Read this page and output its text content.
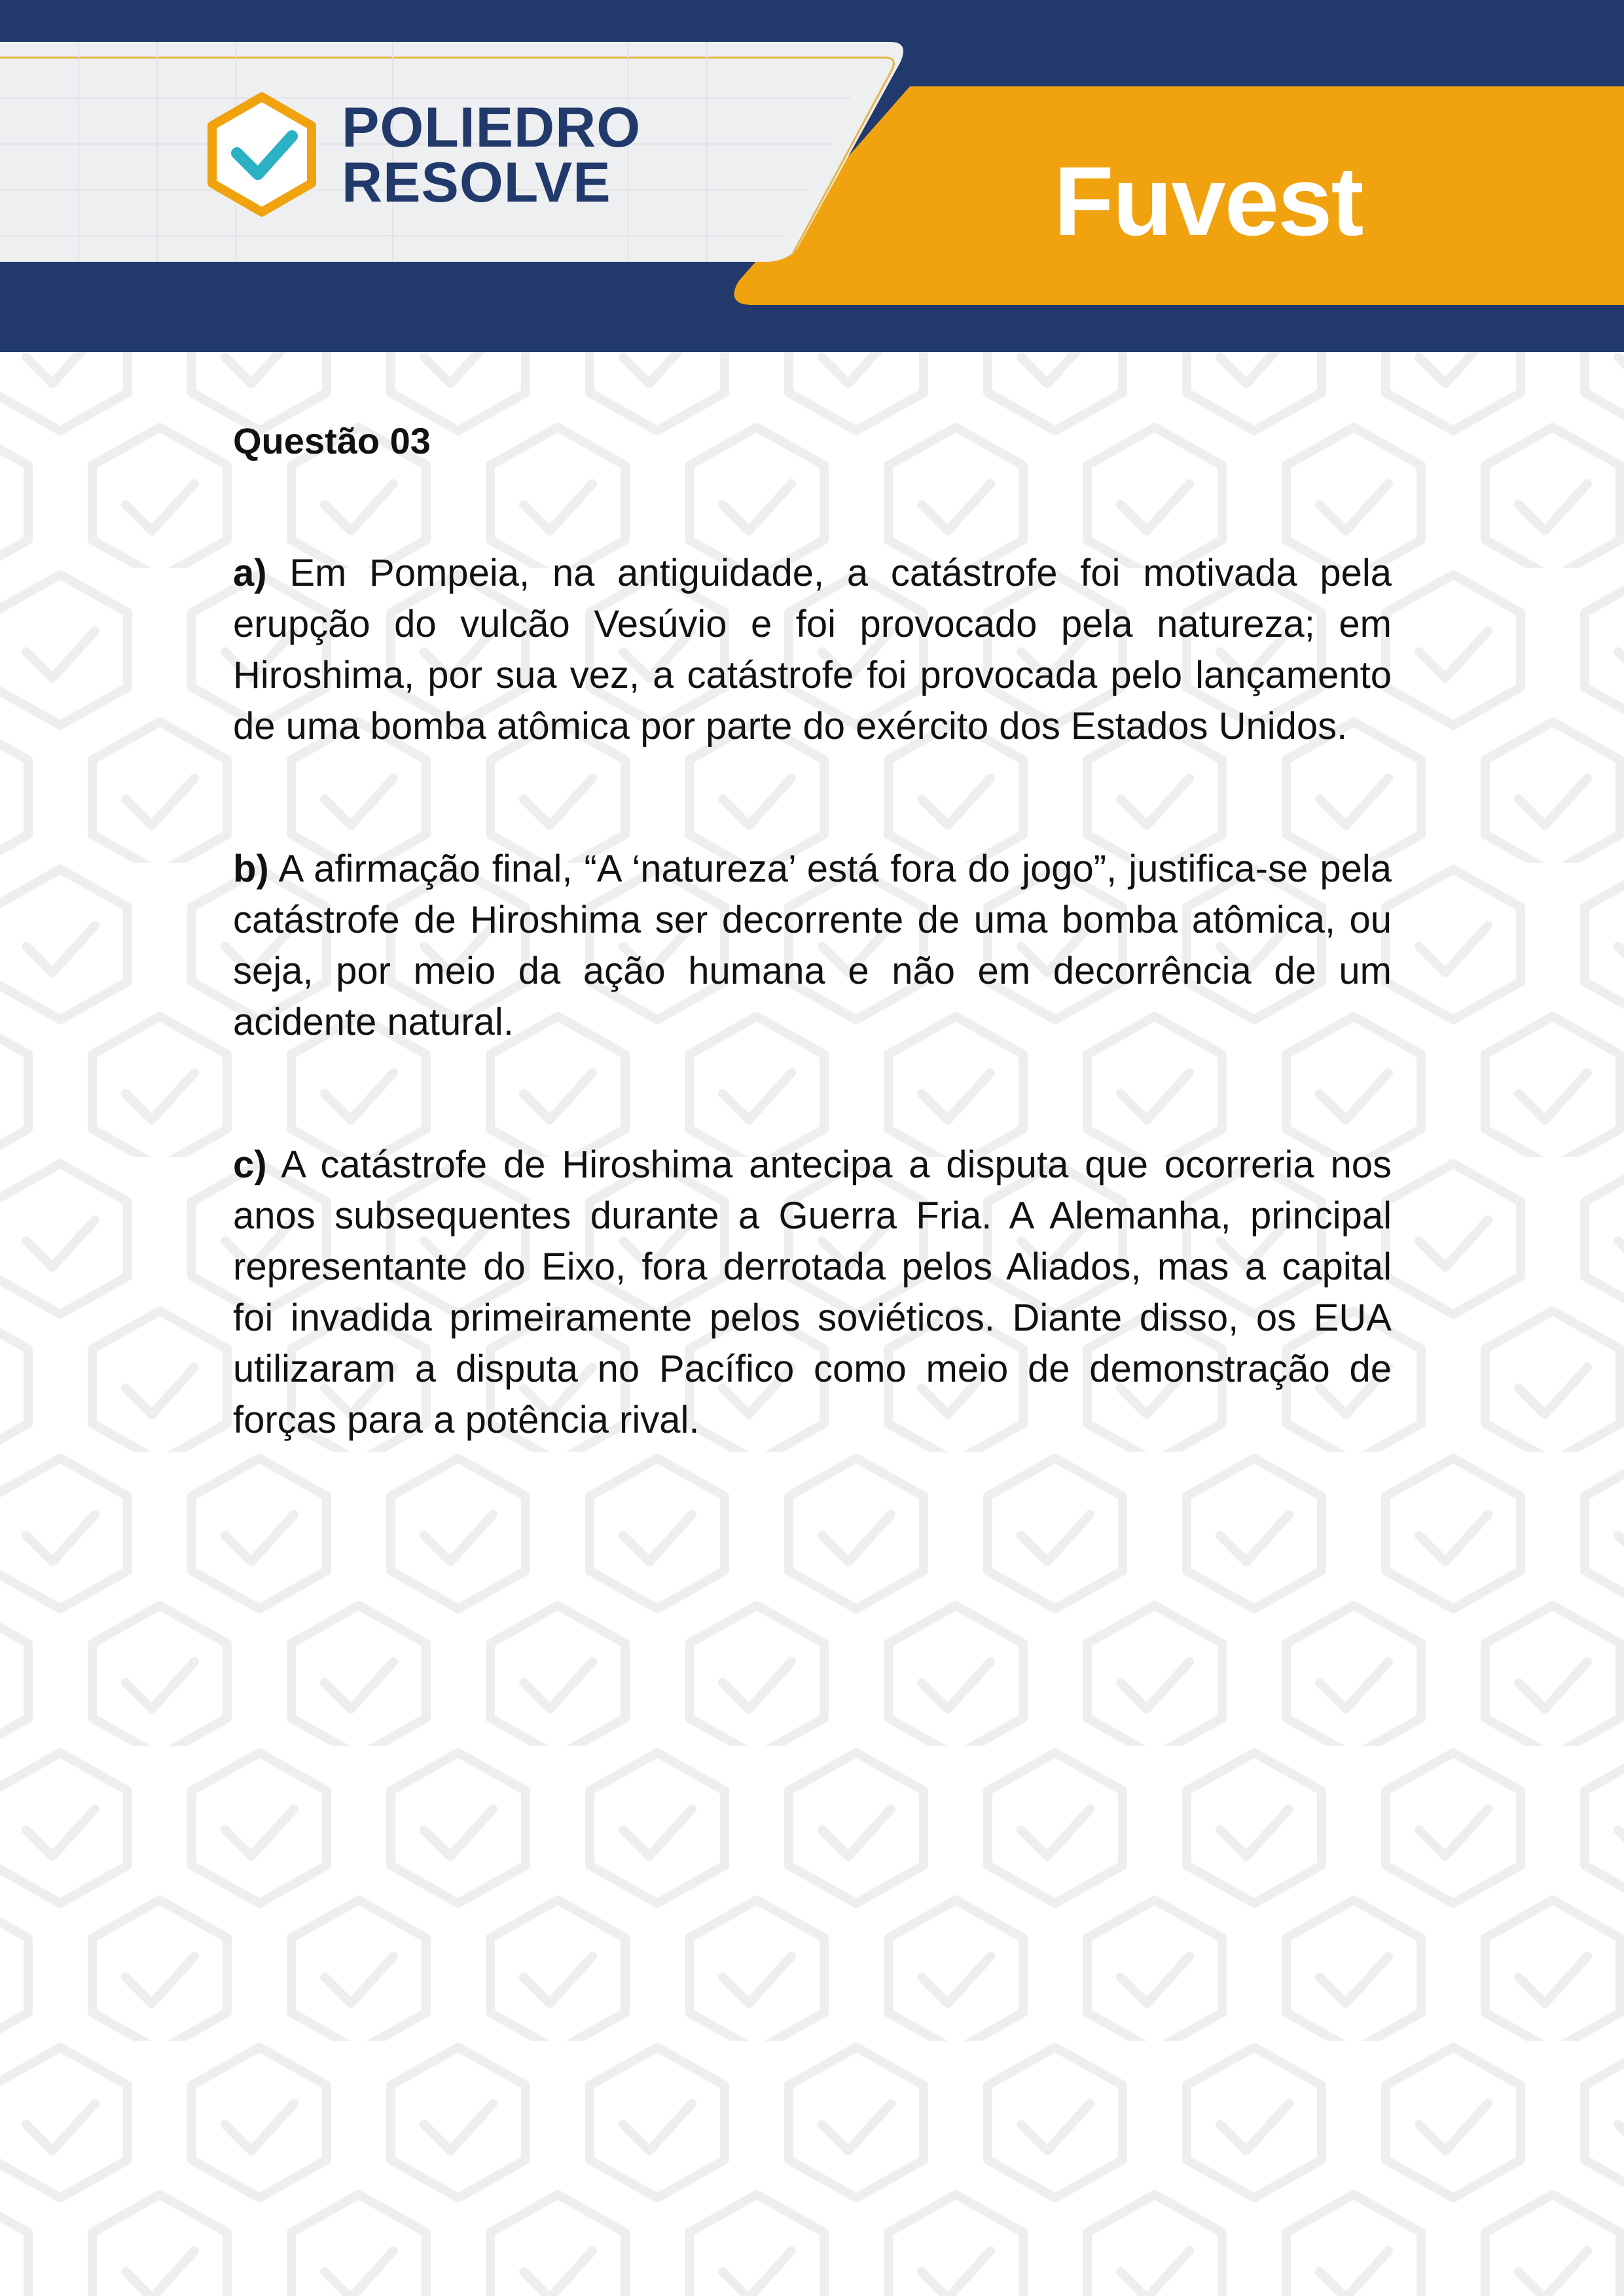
POLIEDRO
RESOLVE	Fuvest
Questão 03

a) Em Pompeia, na antiguidade, a catástrofe foi motivada pela erupção do vulcão Vesúvio e foi provocado pela natureza; em Hiroshima, por sua vez, a catástrofe foi provocada pelo lançamento de uma bomba atômica por parte do exército dos Estados Unidos.

b) A afirmação final, “A ‘natureza’ está fora do jogo”, justifica-se pela catástrofe de Hiroshima ser decorrente de uma bomba atômica, ou seja, por meio da ação humana e não em decorrência de um acidente natural.

c) A catástrofe de Hiroshima antecipa a disputa que ocorreria nos anos subsequentes durante a Guerra Fria. A Alemanha, principal representante do Eixo, fora derrotada pelos Aliados, mas a capital foi invadida primeiramente pelos soviéticos. Diante disso, os EUA utilizaram a disputa no Pacífico como meio de demonstração de forças para a potência rival.
